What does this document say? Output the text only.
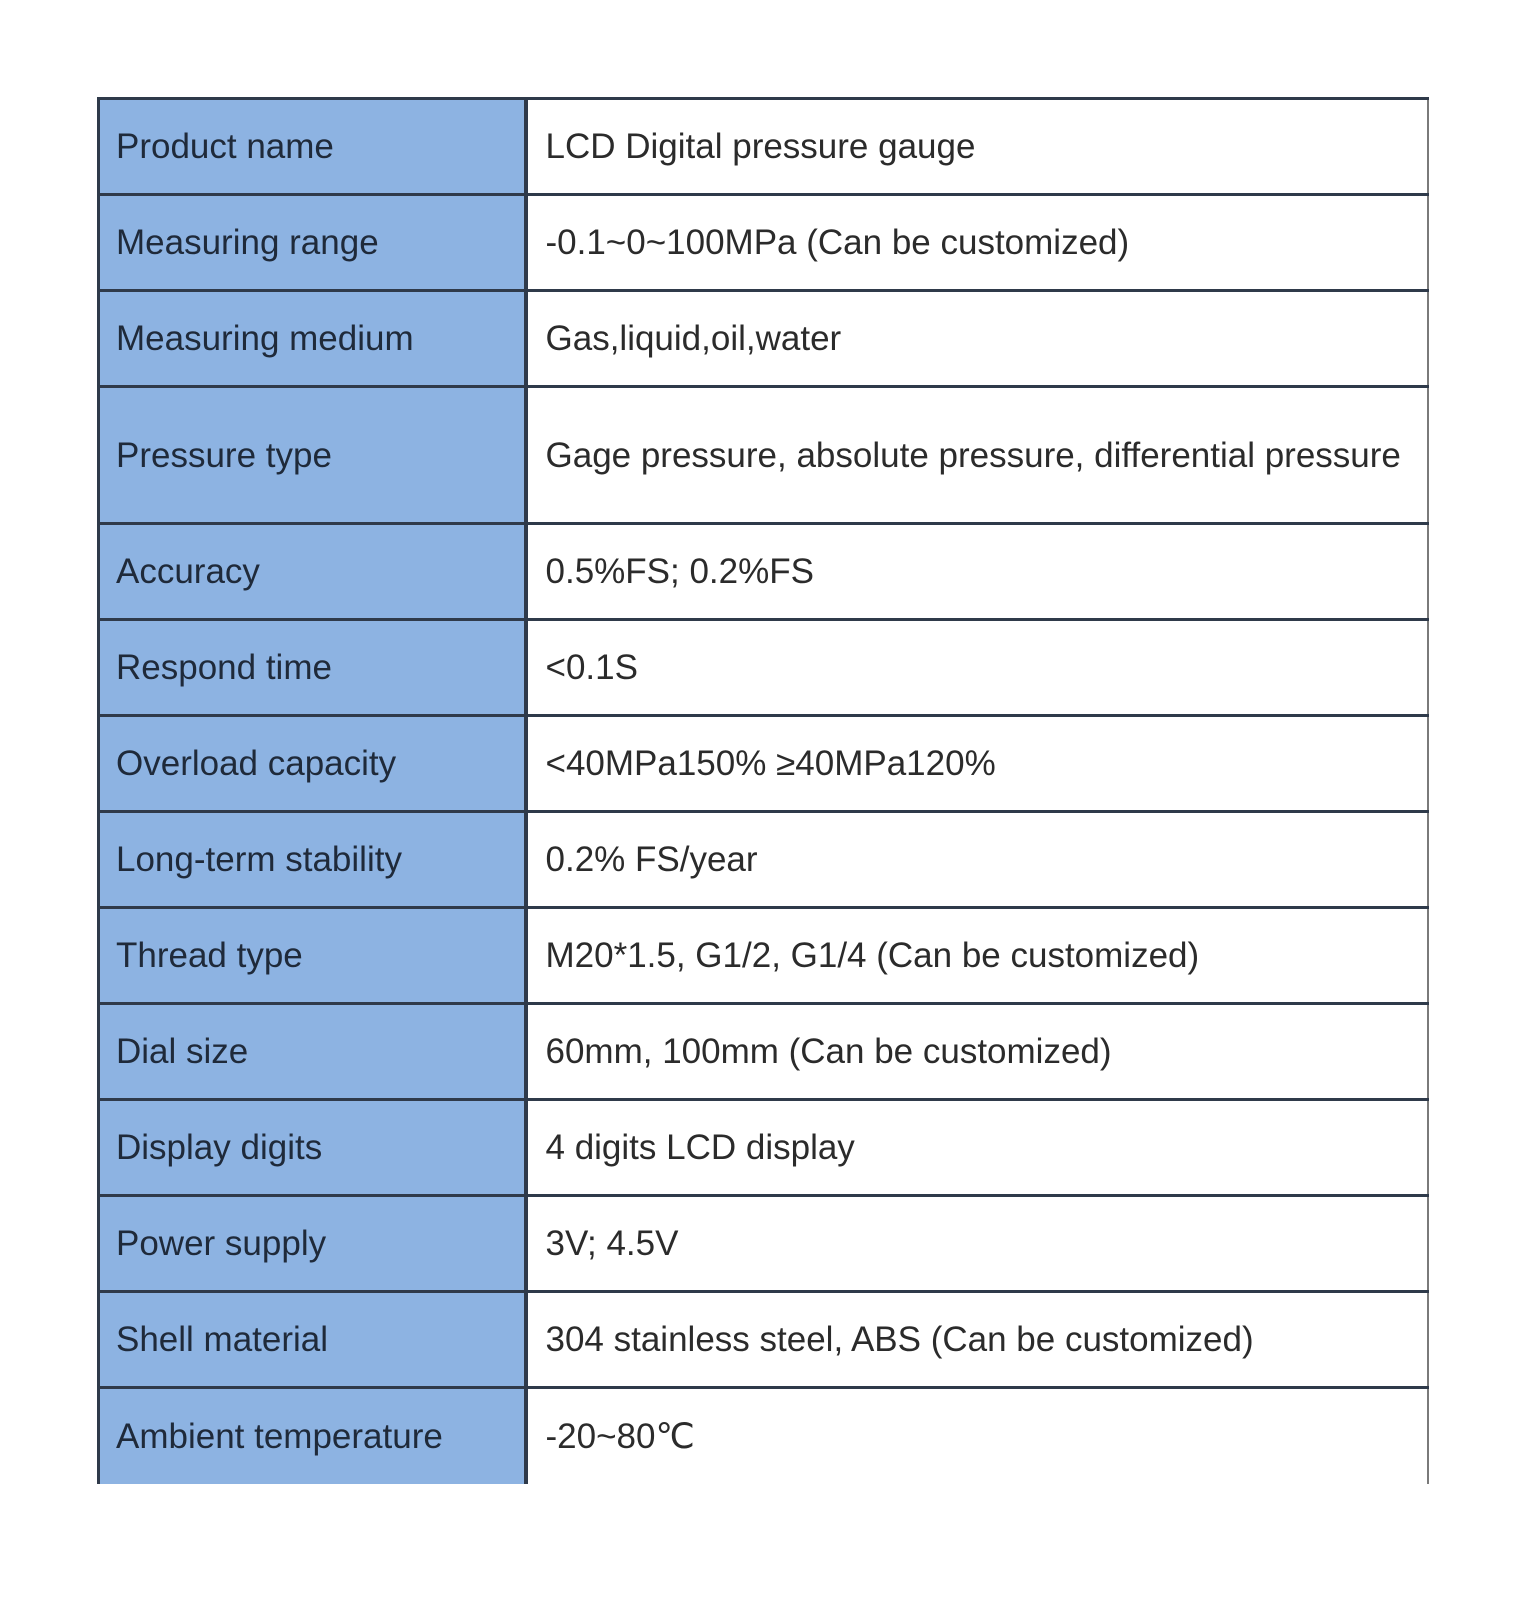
Product name	LCD Digital pressure gauge
Measuring range	-0.1~0~100MPa (Can be customized)
Measuring medium	Gas,liquid,oil,water
Pressure type	Gage pressure, absolute pressure, differential pressure
Accuracy	0.5%FS; 0.2%FS
Respond time	<0.1S
Overload capacity	<40MPa150% ≥40MPa120%
Long-term stability	0.2% FS/year
Thread type	M20*1.5, G1/2, G1/4 (Can be customized)
Dial size	60mm, 100mm (Can be customized)
Display digits	4 digits LCD display
Power supply	3V; 4.5V
Shell material	304 stainless steel, ABS (Can be customized)
Ambient temperature	-20~80℃
